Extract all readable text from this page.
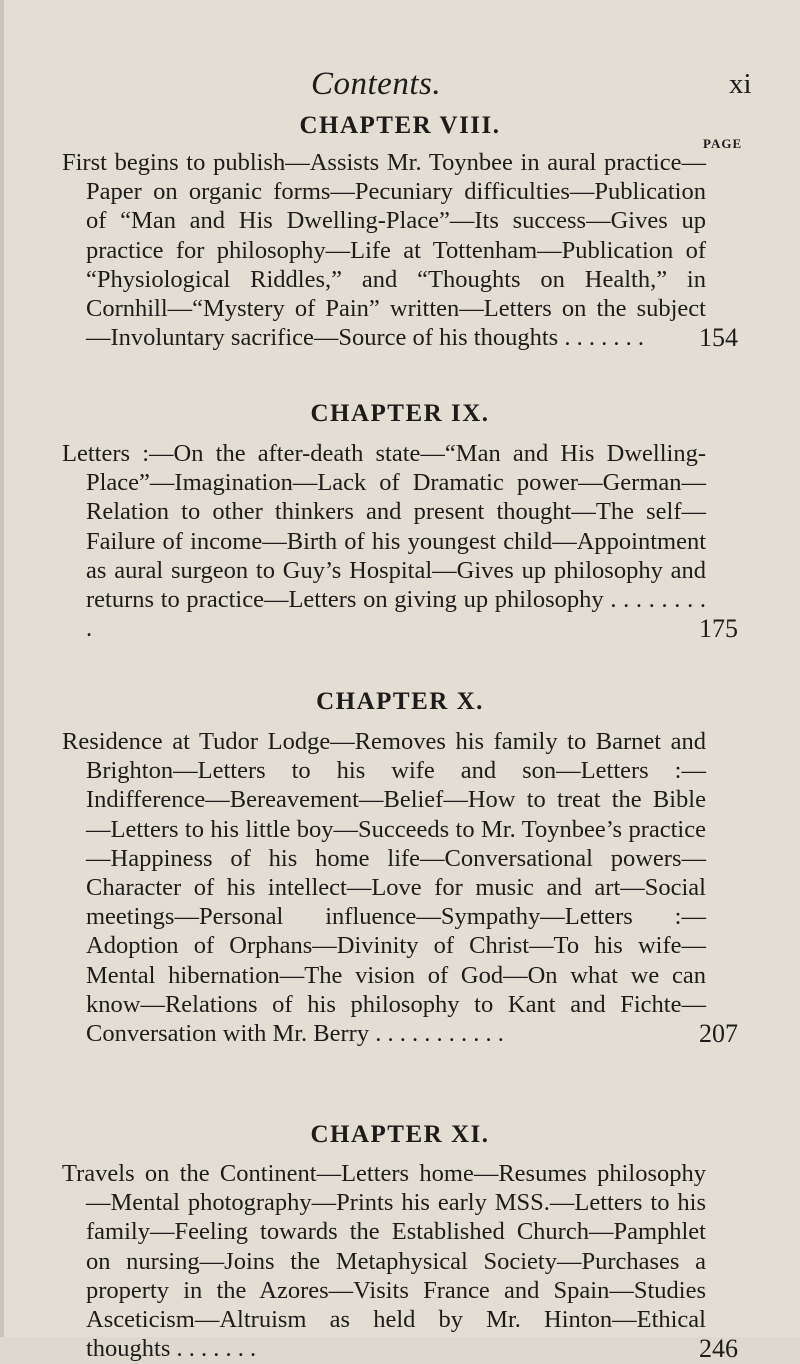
Contents.	xi
CHAPTER VIII.
PAGE

First begins to publish—Assists Mr. Toynbee in aural practice—Paper on organic forms—Pecuniary difficulties—Publication of “Man and His Dwelling-Place”—Its success—Gives up practice for philosophy—Life at Tottenham—Publication of “Physiological Riddles,” and “Thoughts on Health,” in Cornhill—“Mystery of Pain” written—Letters on the subject—Involuntary sacrifice—Source of his thoughts . . . . . . .	154
CHAPTER IX.

Letters :—On the after-death state—“Man and His Dwelling-Place”—Imagination—Lack of Dramatic power—German—Relation to other thinkers and present thought—The self—Failure of income—Birth of his youngest child—Appointment as aural surgeon to Guy’s Hospital—Gives up philosophy and returns to practice—Letters on giving up philosophy . . . . . . . . .	175
CHAPTER X.

Residence at Tudor Lodge—Removes his family to Barnet and Brighton—Letters to his wife and son—Letters :—Indifference—Bereavement—Belief—How to treat the Bible—Letters to his little boy—Succeeds to Mr. Toynbee’s practice—Happiness of his home life—Conversational powers—Character of his intellect—Love for music and art—Social meetings—Personal influence—Sympathy—Letters :—Adoption of Orphans—Divinity of Christ—To his wife—Mental hibernation—The vision of God—On what we can know—Relations of his philosophy to Kant and Fichte—Conversation with Mr. Berry . . . . . . . . . . .	207
CHAPTER XI.

Travels on the Continent—Letters home—Resumes philosophy—Mental photography—Prints his early MSS.—Letters to his family—Feeling towards the Established Church—Pamphlet on nursing—Joins the Metaphysical Society—Purchases a property in the Azores—Visits France and Spain—Studies Asceticism—Altruism as held by Mr. Hinton—Ethical thoughts . . . . . . .	246
